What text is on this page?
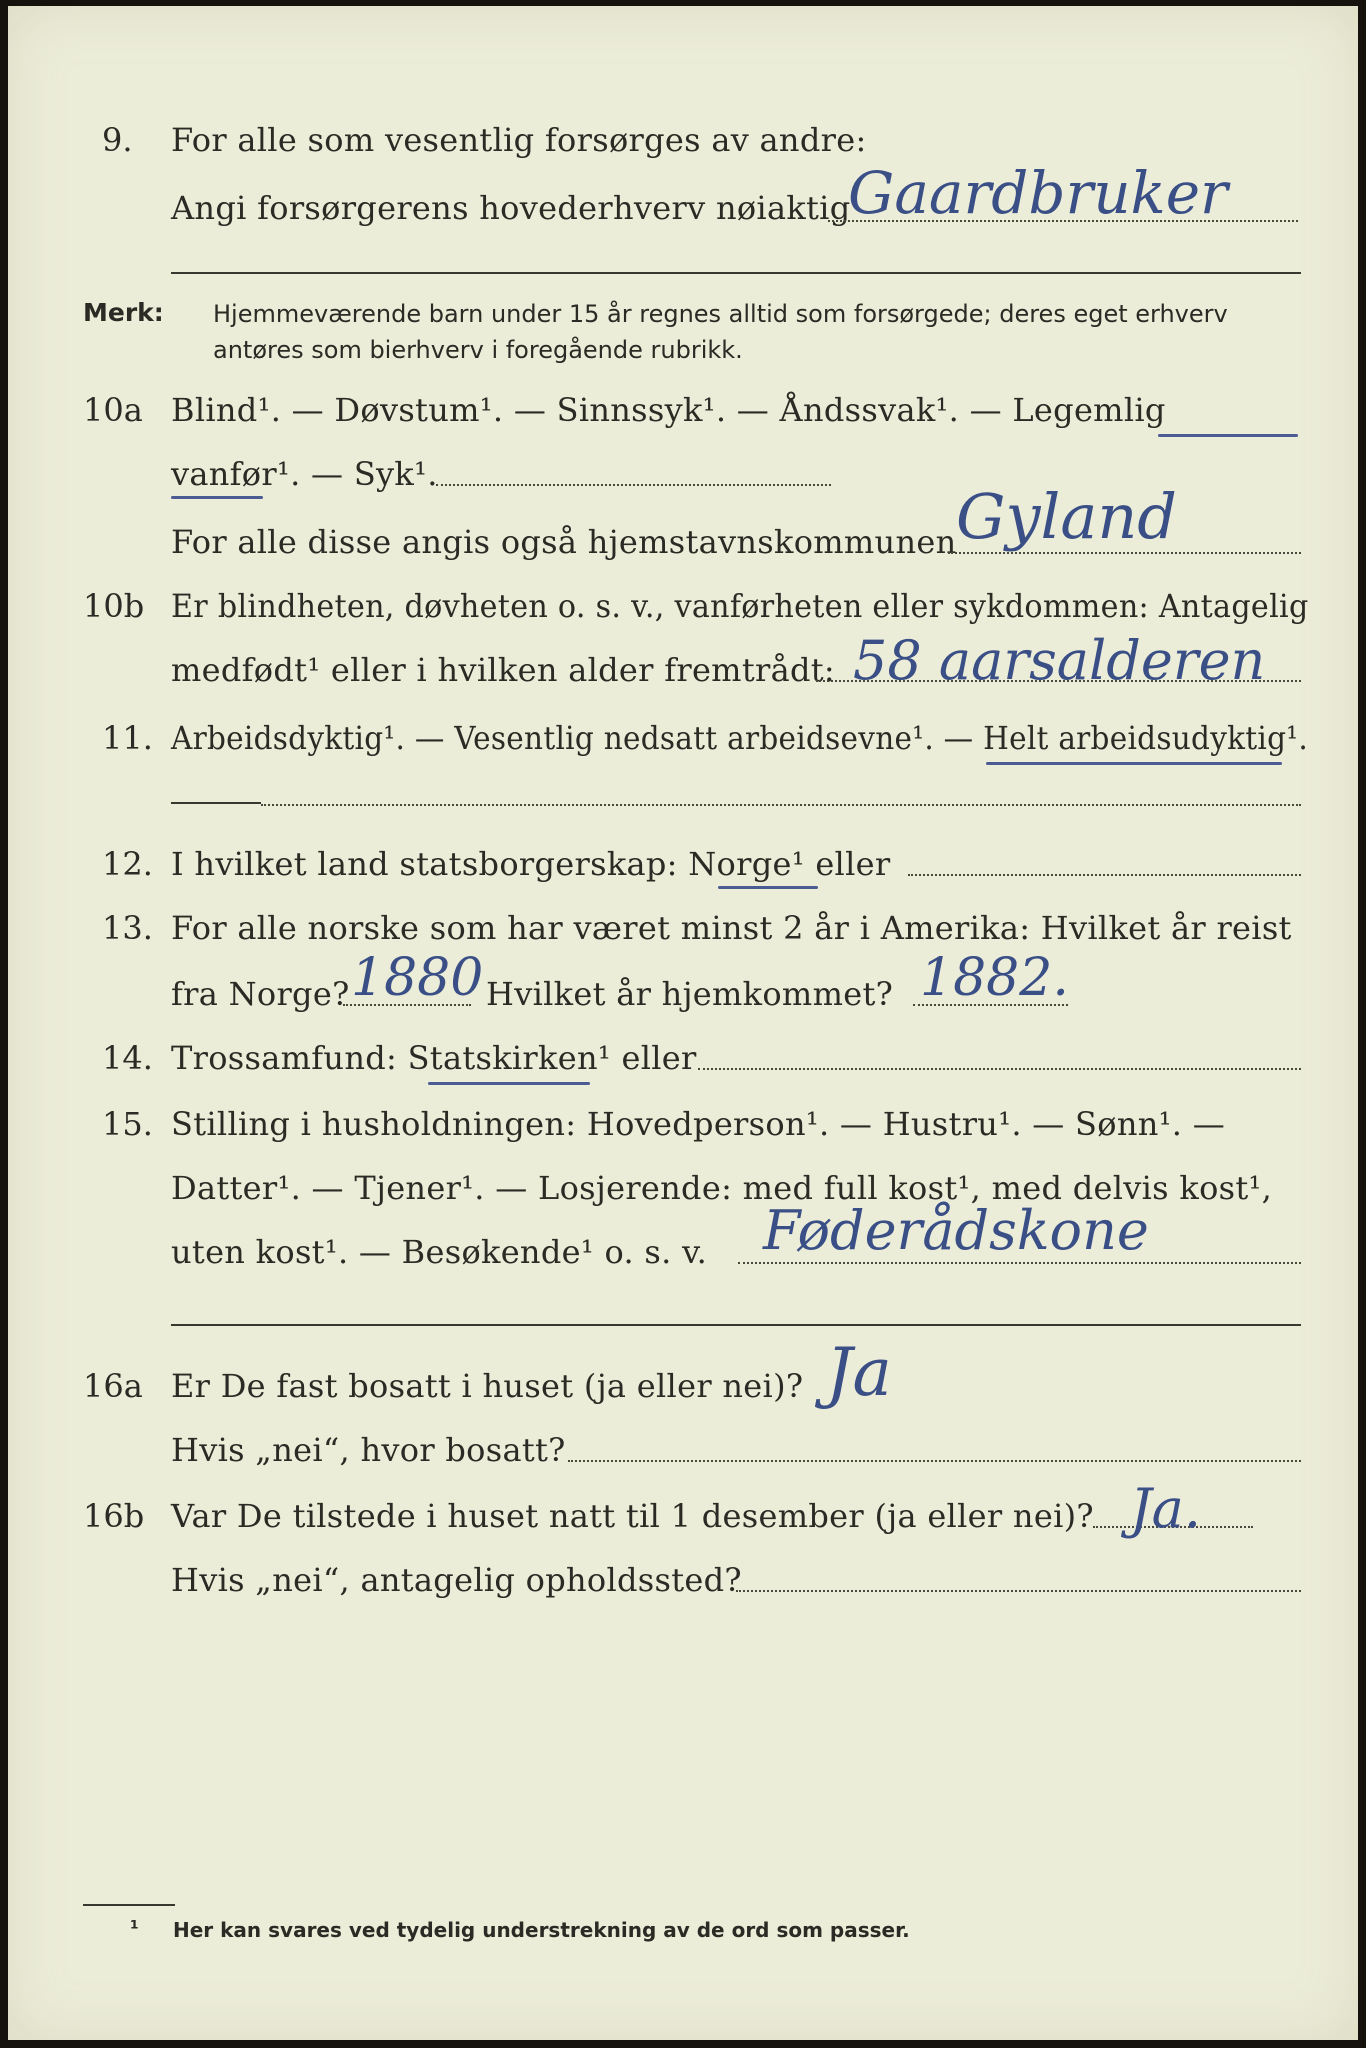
9. For alle som vesentlig forsørges av andre:
Angi forsørgerens hovederhverv nøiaktig
Gaardbruker
Merk: Hjemmeværende barn under 15 år regnes alltid som forsørgede; deres eget erhverv
antøres som bierhverv i foregående rubrikk.
10a Blind¹. — Døvstum¹. — Sinnssyk¹. — Åndssvak¹. — Legemlig
vanfør¹. — Syk¹.
For alle disse angis også hjemstavnskommunen Gyland
10b Er blindheten, døvheten o. s. v., vanførheten eller sykdommen: Antagelig
medfødt¹ eller i hvilken alder fremtrådt: 58 aarsalderen
11. Arbeidsdyktig¹. — Vesentlig nedsatt arbeidsevne¹. — Helt arbeidsudyktig¹.
12. I hvilket land statsborgerskap: Norge¹ eller
13. For alle norske som har været minst 2 år i Amerika: Hvilket år reist
fra Norge? 1880 Hvilket år hjemkommet? 1882.
14. Trossamfund: Statskirken¹ eller
15. Stilling i husholdningen: Hovedperson¹. — Hustru¹. — Sønn¹. —
Datter¹. — Tjener¹. — Losjerende: med full kost¹, med delvis kost¹,
uten kost¹. — Besøkende¹ o. s. v. Føderådskone
16a Er De fast bosatt i huset (ja eller nei)? Ja
Hvis „nei“, hvor bosatt?
16b Var De tilstede i huset natt til 1 desember (ja eller nei)? Ja.
Hvis „nei“, antagelig opholdssted?
¹ Her kan svares ved tydelig understrekning av de ord som passer.
